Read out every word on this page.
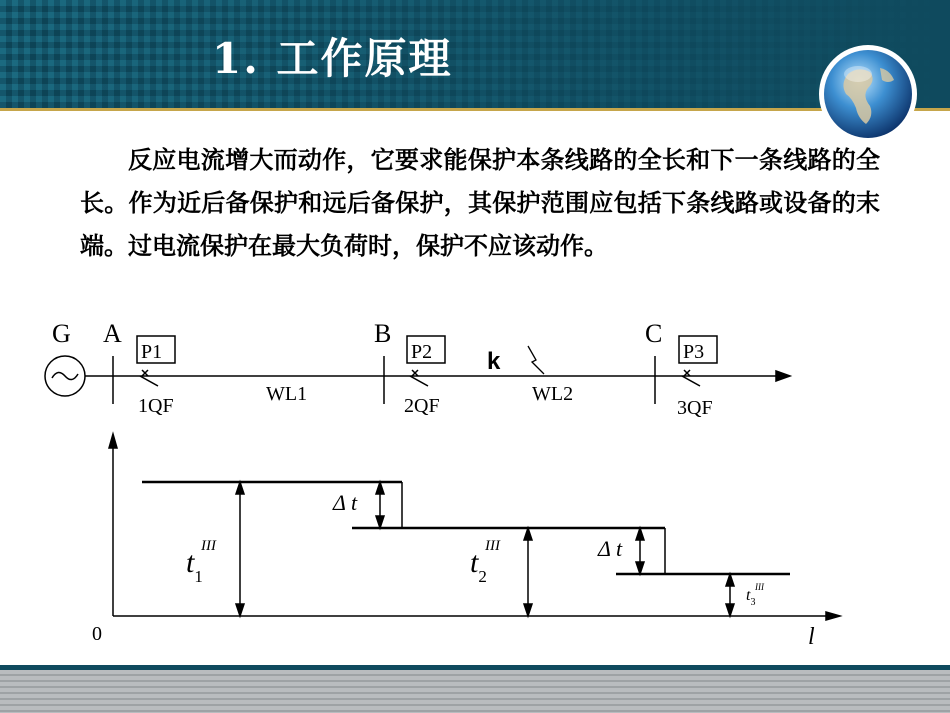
1. 工作原理
反应电流增大而动作，它要求能保护本条线路的全长和下一条线路的全长。作为近后备保护和远后备保护，其保护范围应包括下条线路或设备的末端。过电流保护在最大负荷时，保护不应该动作。
G A	B	C
P1	P2	P3
1QF	2QF	3QF
WL1	WL2
k
0	l
Δ t
Δ t
$t_1$
III	$t_2$
III
$t_3$
III
